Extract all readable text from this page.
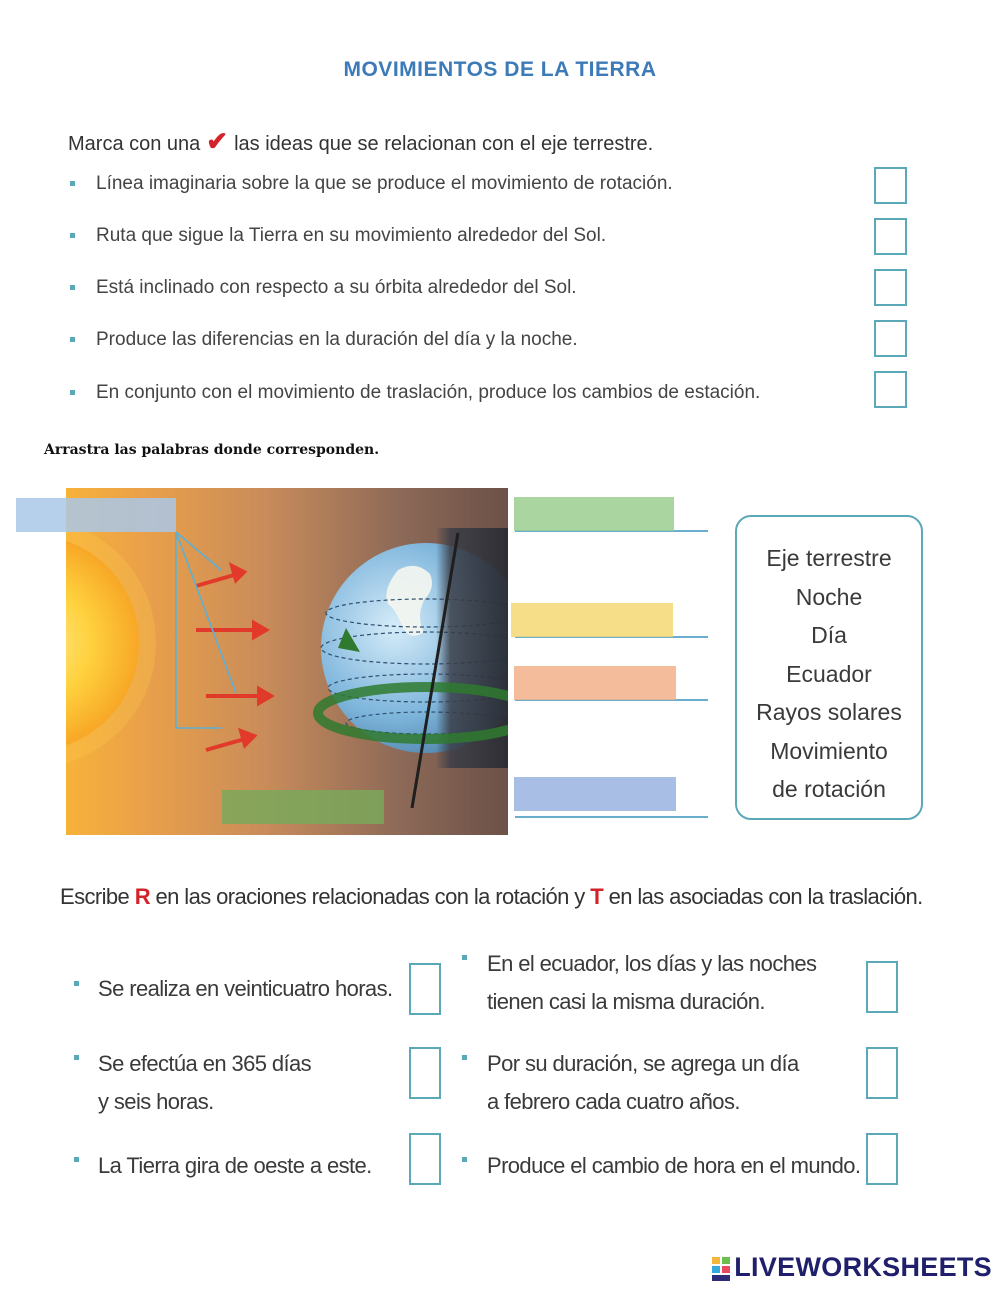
MOVIMIENTOS DE LA TIERRA
Marca con una ✔ las ideas que se relacionan con el eje terrestre.
Línea imaginaria sobre la que se produce el movimiento de rotación.
Ruta que sigue la Tierra en su movimiento alrededor del Sol.
Está inclinado con respecto a su órbita alrededor del Sol.
Produce las diferencias en la duración del día y la noche.
En conjunto con el movimiento de traslación, produce los cambios de estación.
Arrastra las palabras donde corresponden.
Eje terrestre
Noche
Día
Ecuador
Rayos solares
Movimiento
de rotación
Escribe R en las oraciones relacionadas con la rotación y T en las asociadas con la traslación.
Se realiza en veinticuatro horas.
Se efectúa en 365 días
y seis horas.
La Tierra gira de oeste a este.
En el ecuador, los días y las noches
tienen casi la misma duración.
Por su duración, se agrega un día
a febrero cada cuatro años.
Produce el cambio de hora en el mundo.
LIVEWORKSHEETS
